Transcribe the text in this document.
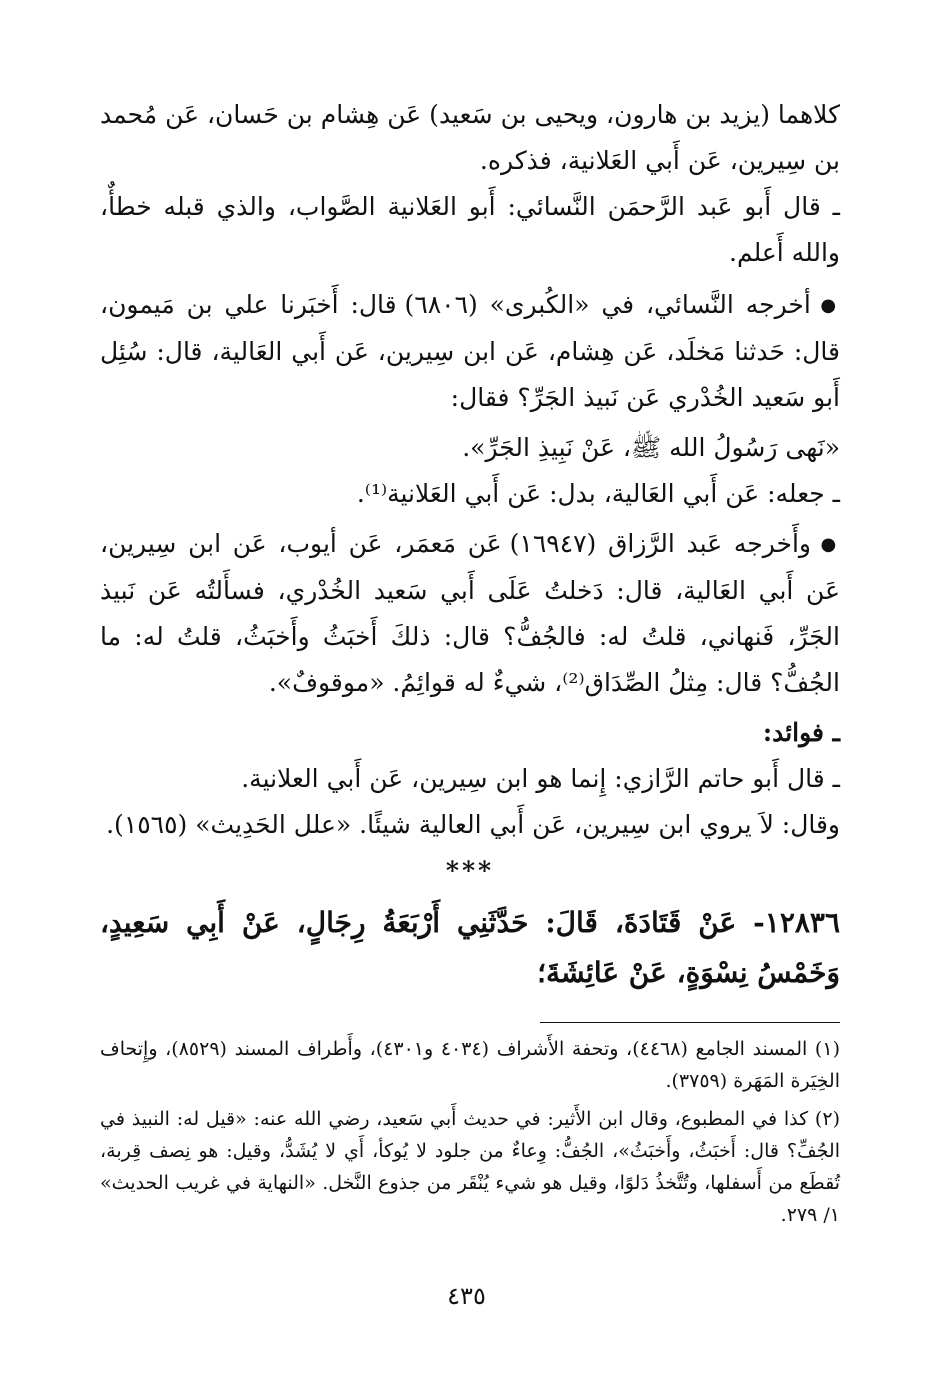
كلاهما (يزيد بن هارون، ويحيى بن سَعيد) عَن هِشام بن حَسان، عَن مُحمد بن سِيرين، عَن أَبي العَلانية، فذكره.

ـ قال أَبو عَبد الرَّحمَن النَّسائي: أَبو العَلانية الصَّواب، والذي قبله خطأٌ، والله أَعلم.

● أخرجه النَّسائي، في «الكُبرى» (٦٨٠٦) قال: أَخبَرنا علي بن مَيمون، قال: حَدثنا مَخلَد، عَن هِشام، عَن ابن سِيرين، عَن أَبي العَالية، قال: سُئِل أَبو سَعيد الخُدْري عَن نَبيذ الجَرِّ؟ فقال:

«نَهى رَسُولُ الله ﷺ، عَنْ نَبِيذِ الجَرِّ».

ـ جعله: عَن أَبي العَالية، بدل: عَن أَبي العَلانية⁽¹⁾.

● وأَخرجه عَبد الرَّزاق (١٦٩٤٧) عَن مَعمَر، عَن أيوب، عَن ابن سِيرين، عَن أَبي العَالية، قال: دَخلتُ عَلَى أَبي سَعيد الخُدْري، فسأَلتُه عَن نَبيذ الجَرِّ، فَنهاني، قلتُ له: فالجُفُّ؟ قال: ذلكَ أَخبَثُ وأَخبَثُ، قلتُ له: ما الجُفُّ؟ قال: مِثلُ الصِّدَاق⁽²⁾، شيءٌ له قوائِمُ. «موقوفٌ».

ـ فوائد:

ـ قال أَبو حاتم الرَّازي: إِنما هو ابن سِيرين، عَن أَبي العلانية.

وقال: لاَ يروي ابن سِيرين، عَن أَبي العالية شيئًا. «علل الحَدِيث» (١٥٦٥).

***

١٢٨٣٦- عَنْ قَتَادَةَ، قَالَ: حَدَّثَنِي أَرْبَعَةُ رِجَالٍ، عَنْ أَبِي سَعِيدٍ، وَخَمْسُ نِسْوَةٍ، عَنْ عَائِشَةَ؛

(١) المسند الجامع (٤٤٦٨)، وتحفة الأَشراف (٤٠٣٤ و٤٣٠١)، وأَطراف المسند (٨٥٢٩)، وإِتحاف الخِيَرة المَهَرة (٣٧٥٩).

(٢) كذا في المطبوع، وقال ابن الأَثير: في حديث أَبي سَعيد، رضي الله عنه: «قيل له: النبيذ في الجُفِّ؟ قال: أَخبَثُ، وأَخبَثُ»، الجُفُّ: وِعاءٌ من جلود لا يُوكأ، أَي لا يُشَدُّ، وقيل: هو نِصف قِربة، تُقطَع من أَسفلها، وتُتَّخذُ دَلوًا، وقيل هو شيء يُنْقَر من جذوع النَّخل. «النهاية في غريب الحديث» ١/ ٢٧٩.

٤٣٥
